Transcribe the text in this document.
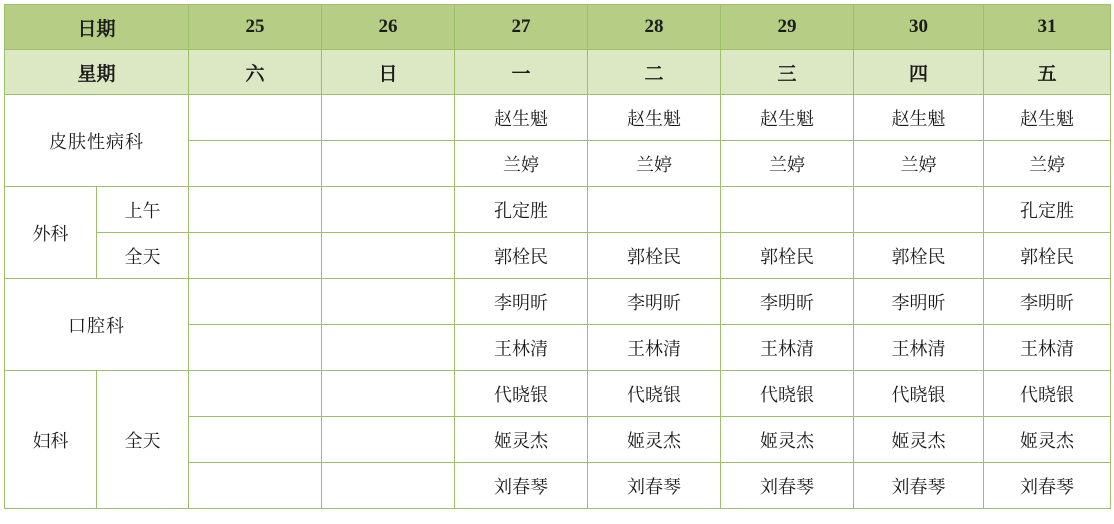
日期		25	26	27	28	29	30	31
星期		六	日	一	二	三	四	五
皮肤性病科				赵生魁	赵生魁	赵生魁	赵生魁	赵生魁
				兰婷	兰婷	兰婷	兰婷	兰婷
外科	上午			孔定胜				孔定胜
	全天			郭栓民	郭栓民	郭栓民	郭栓民	郭栓民
口腔科				李明昕	李明昕	李明昕	李明昕	李明昕
				王林清	王林清	王林清	王林清	王林清
妇科	全天			代晓银	代晓银	代晓银	代晓银	代晓银
				姬灵杰	姬灵杰	姬灵杰	姬灵杰	姬灵杰
				刘春琴	刘春琴	刘春琴	刘春琴	刘春琴
